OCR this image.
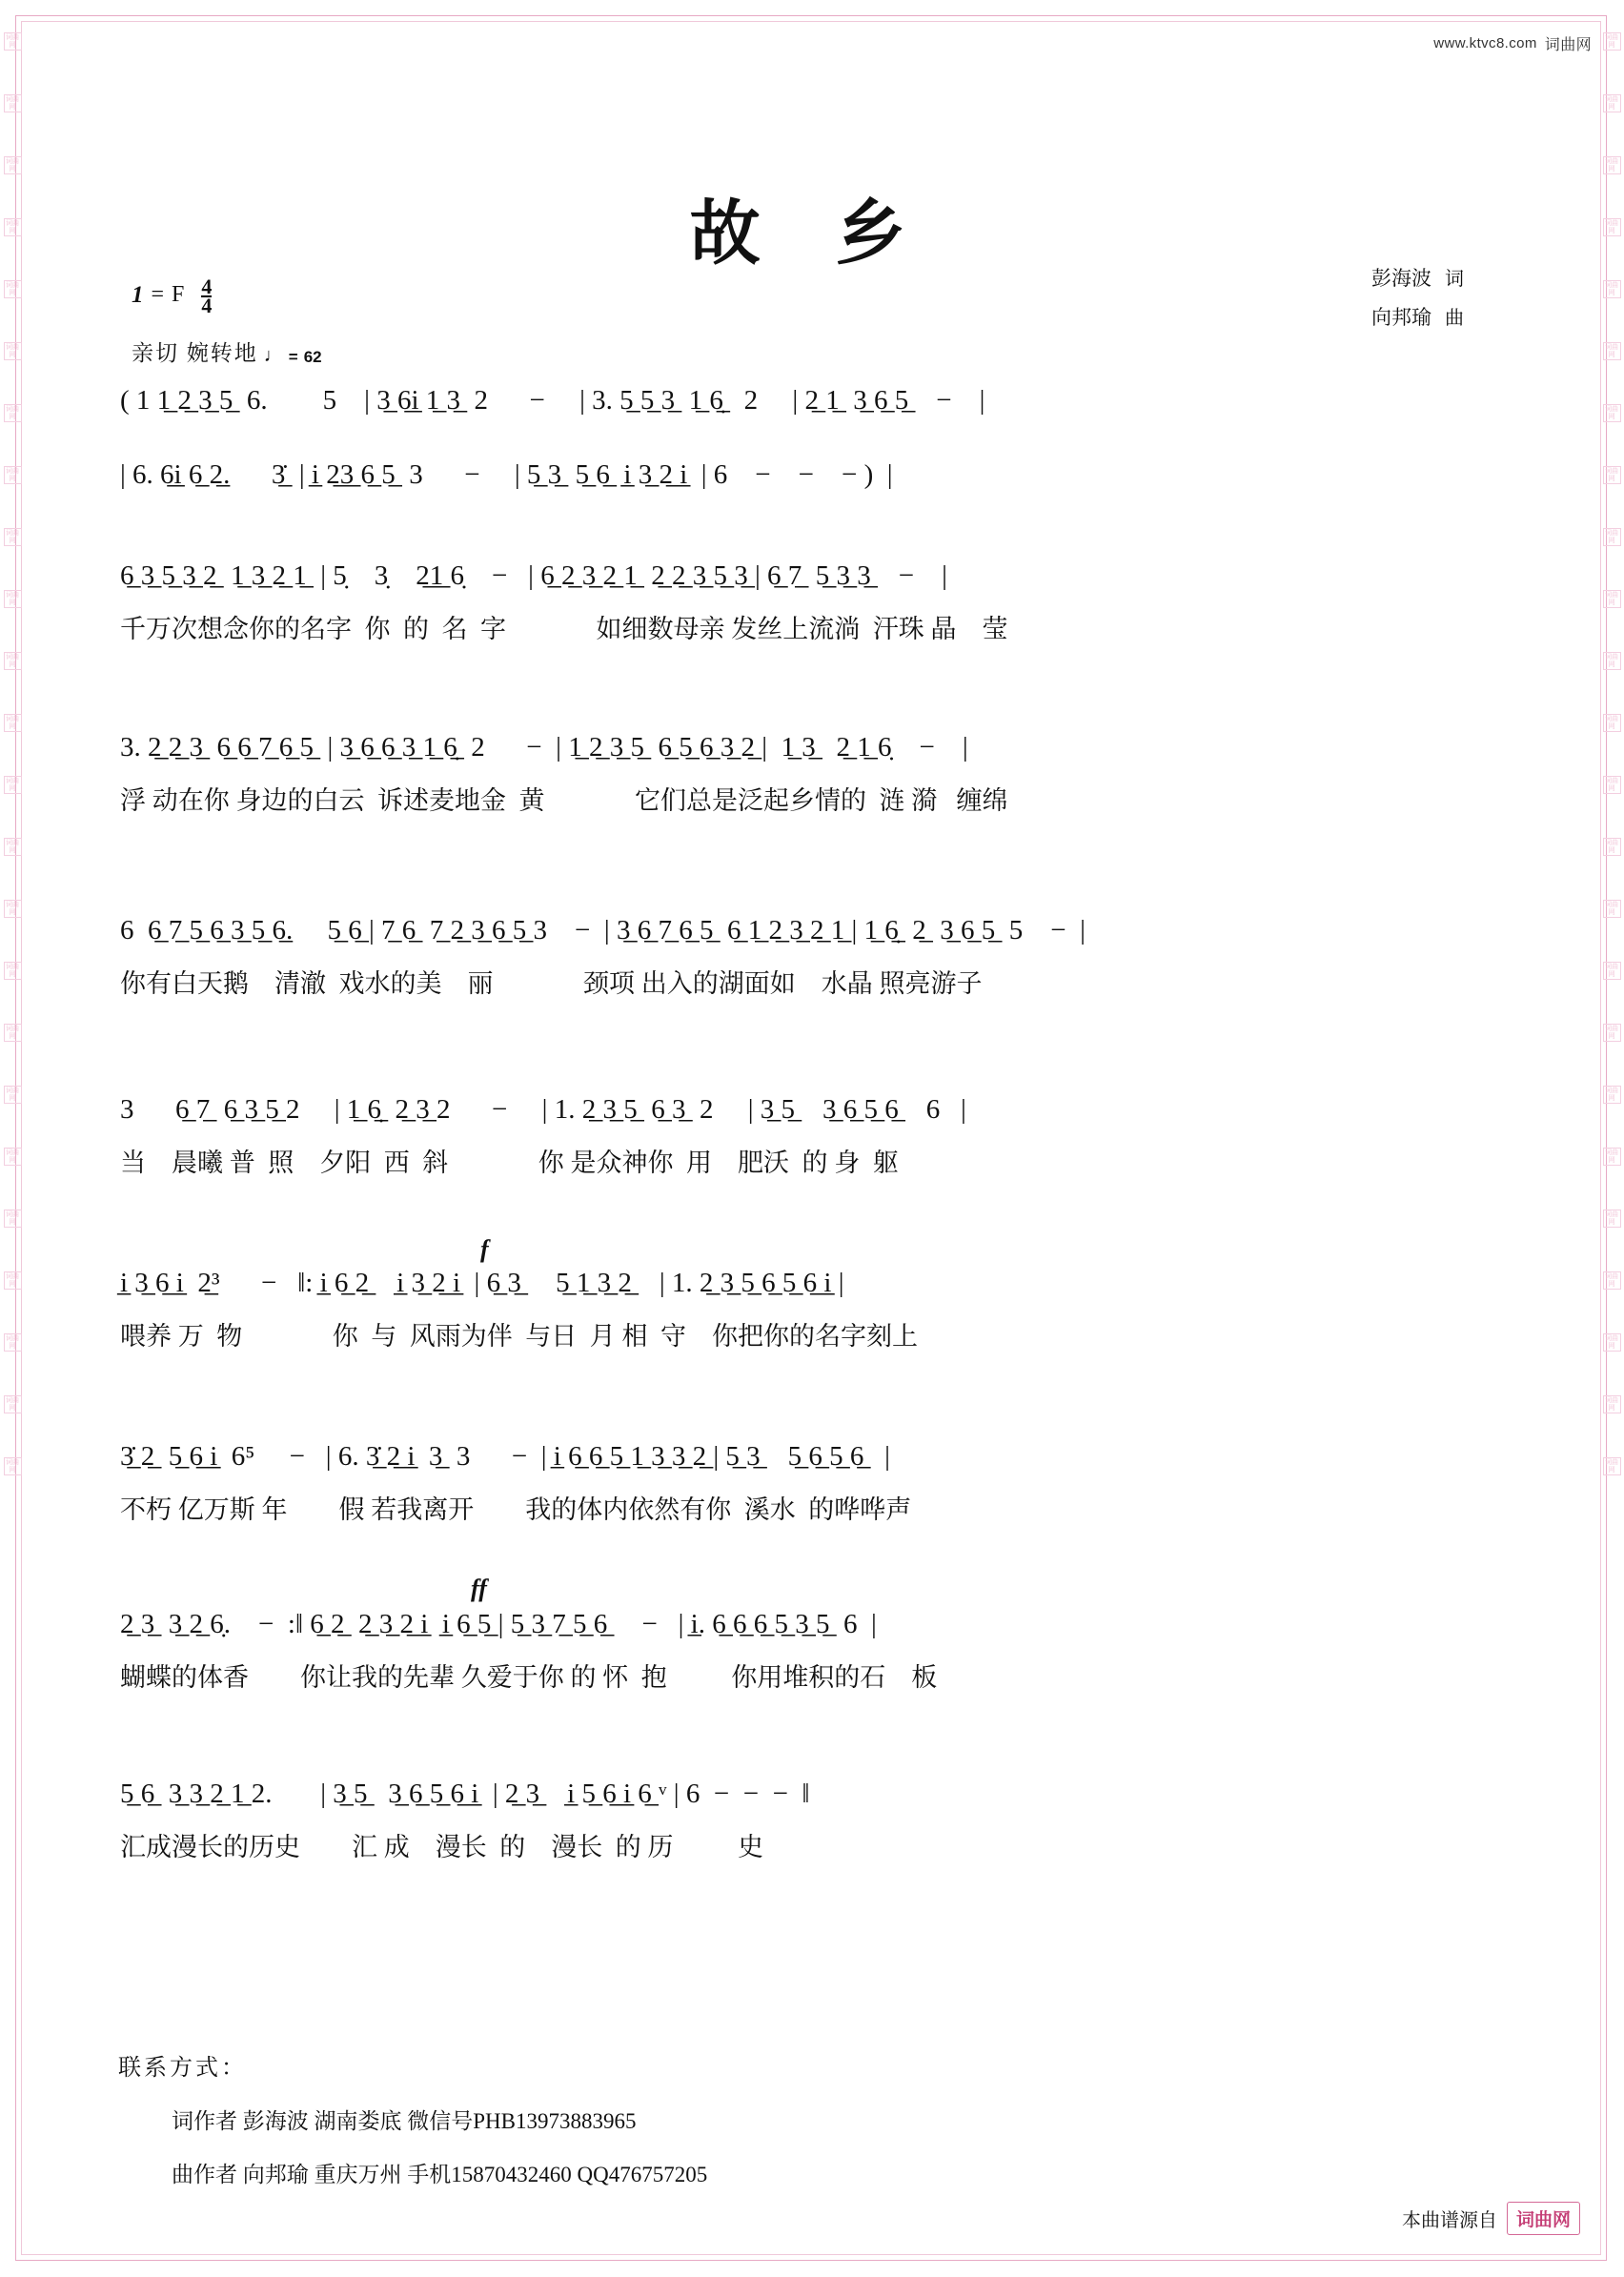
词曲网
词曲网
词曲网
词曲网
词曲网
词曲网
词曲网
词曲网
词曲网
词曲网
词曲网
词曲网
词曲网
词曲网
词曲网
词曲网
词曲网
词曲网
词曲网
词曲网
词曲网
词曲网
词曲网
词曲网
词曲网
词曲网
词曲网
词曲网
词曲网
词曲网
词曲网
词曲网
词曲网
词曲网
词曲网
词曲网
词曲网
词曲网
词曲网
词曲网
词曲网
词曲网
词曲网
词曲网
词曲网
词曲网
词曲网
词曲网
www.ktvc8.com 词曲网
故 乡
彭海波 词
向邦瑜 曲
1 = F 4
4
亲切 婉转地 ♩ = 62
( 1 1̲ 2̲ 3̲ 5̲  6.        5    | 3̲ 6̲i̲ 1̲ 3̲  2      −     | 3. 5̲ 5̲ 3̲  1̲ 6̣̲   2     | 2̲ 1̲  3̲ 6̲ 5̲    −    |
| 6. 6̲i̲ 6̲ 2̲.      3̲̇  | i̲ 2̲3̲ 6̲ 5̲  3      −     | 5̲ 3̲  5̲ 6̲  i̲ 3̲ 2̲ i̲  | 6    −    −    − )  |
6̲ 3̲ 5̲ 3̲ 2̲  1̲ 3̲ 2̲ 1̲  | 5̣    3̣    2̲1̲ 6̣    −   | 6̲ 2̲ 3̲ 2̲ 1̲  2̲ 2̲ 3̲ 5̲ 3̲ | 6̲ 7̲  5̲ 3̲ 3̲    −    |
千万次想念你的名字  你  的  名  字              如细数母亲 发丝上流淌  汗珠 晶    莹
3. 2̲ 2̲ 3̲  6̲ 6̲ 7̲ 6̲ 5̲  | 3̲ 6̲ 6̲ 3̲ 1̲ 6̣̲  2      −  | 1̲ 2̲ 3̲ 5̲  6̲ 5̲ 6̲ 3̲ 2̲ |  1̲ 3̲   2̲ 1̲ 6̣    −    |
浮 动在你 身边的白云  诉述麦地金  黄              它们总是泛起乡情的  涟 漪   缠绵
6  6̲ 7̲ 5̲ 6̲ 3̲ 5̲ 6̲.     5̲ 6̲ | 7̲ 6̲  7̲ 2̲ 3̲ 6̲ 5̲ 3    −  | 3̲ 6̲ 7̲ 6̲ 5̲  6̲ 1̲ 2̲ 3̲ 2̲ 1̲ | 1̲ 6̣̲  2̲  3̲ 6̲ 5̲  5    −  |
你有白天鹅    清澈  戏水的美    丽              颈项 出入的湖面如    水晶 照亮游子
3      6̲ 7̲  6̲ 3̲ 5̲ 2     | 1̲ 6̣̲  2̲ 3̲ 2      −     | 1. 2̲ 3̲ 5̲  6̲ 3̲  2     | 3̲ 5̲    3̲ 6̲ 5̲ 6̲    6   |
当    晨曦 普  照    夕阳  西  斜              你 是众神你  用    肥沃  的 身  躯
f
i̲ 3̲ 6̲ i̲  2̲³      −   ‖: i̲ 6̲ 2̲    i̲ 3̲ 2̲ i̲  | 6̲ 3̲     5̲ 1̲ 3̲ 2̲    | 1. 2̲ 3̲ 5̲ 6̲ 5̲ 6̲ i̲ |
喂养 万  物              你  与  风雨为伴  与日  月 相  守    你把你的名字刻上
3̲̇ 2̲  5̲ 6̲ i̲  6⁵     −   | 6. 3̲̇ 2̲ i̲  3̲  3      −  | i̲ 6̲ 6̲ 5̲ 1̲ 3̲ 3̲ 2̲ | 5̲ 3̲    5̲ 6̲ 5̲ 6̲   |
不朽 亿万斯 年        假 若我离开        我的体内依然有你  溪水  的哗哗声
ff
2̲ 3̲  3̲ 2̲ 6̣.    −  :‖ 6̲ 2̲  2̲ 3̲ 2̲ i̲  i̲ 6̲ 5̲ | 5̲ 3̲ 7̲ 5̲ 6̲     −   | i̲. 6̲ 6̲ 6̲ 5̲ 3̲ 5̲  6  |
蝴蝶的体香        你让我的先辈 久爱于你 的 怀  抱          你用堆积的石    板
5̲ 6̲  3̲ 3̲ 2̲ 1̲ 2.       | 3̲ 5̲   3̲ 6̲ 5̲ 6̲ i̲  | 2̲ 3̲    i̲ 5̲ 6̲ i̲ 6̲ ᵛ | 6  −  −  −  ‖
汇成漫长的历史        汇 成    漫长  的    漫长  的 历          史
联系方式：
词作者 彭海波 湖南娄底 微信号PHB13973883965
曲作者 向邦瑜 重庆万州 手机15870432460 QQ476757205
本曲谱源自	词曲网
